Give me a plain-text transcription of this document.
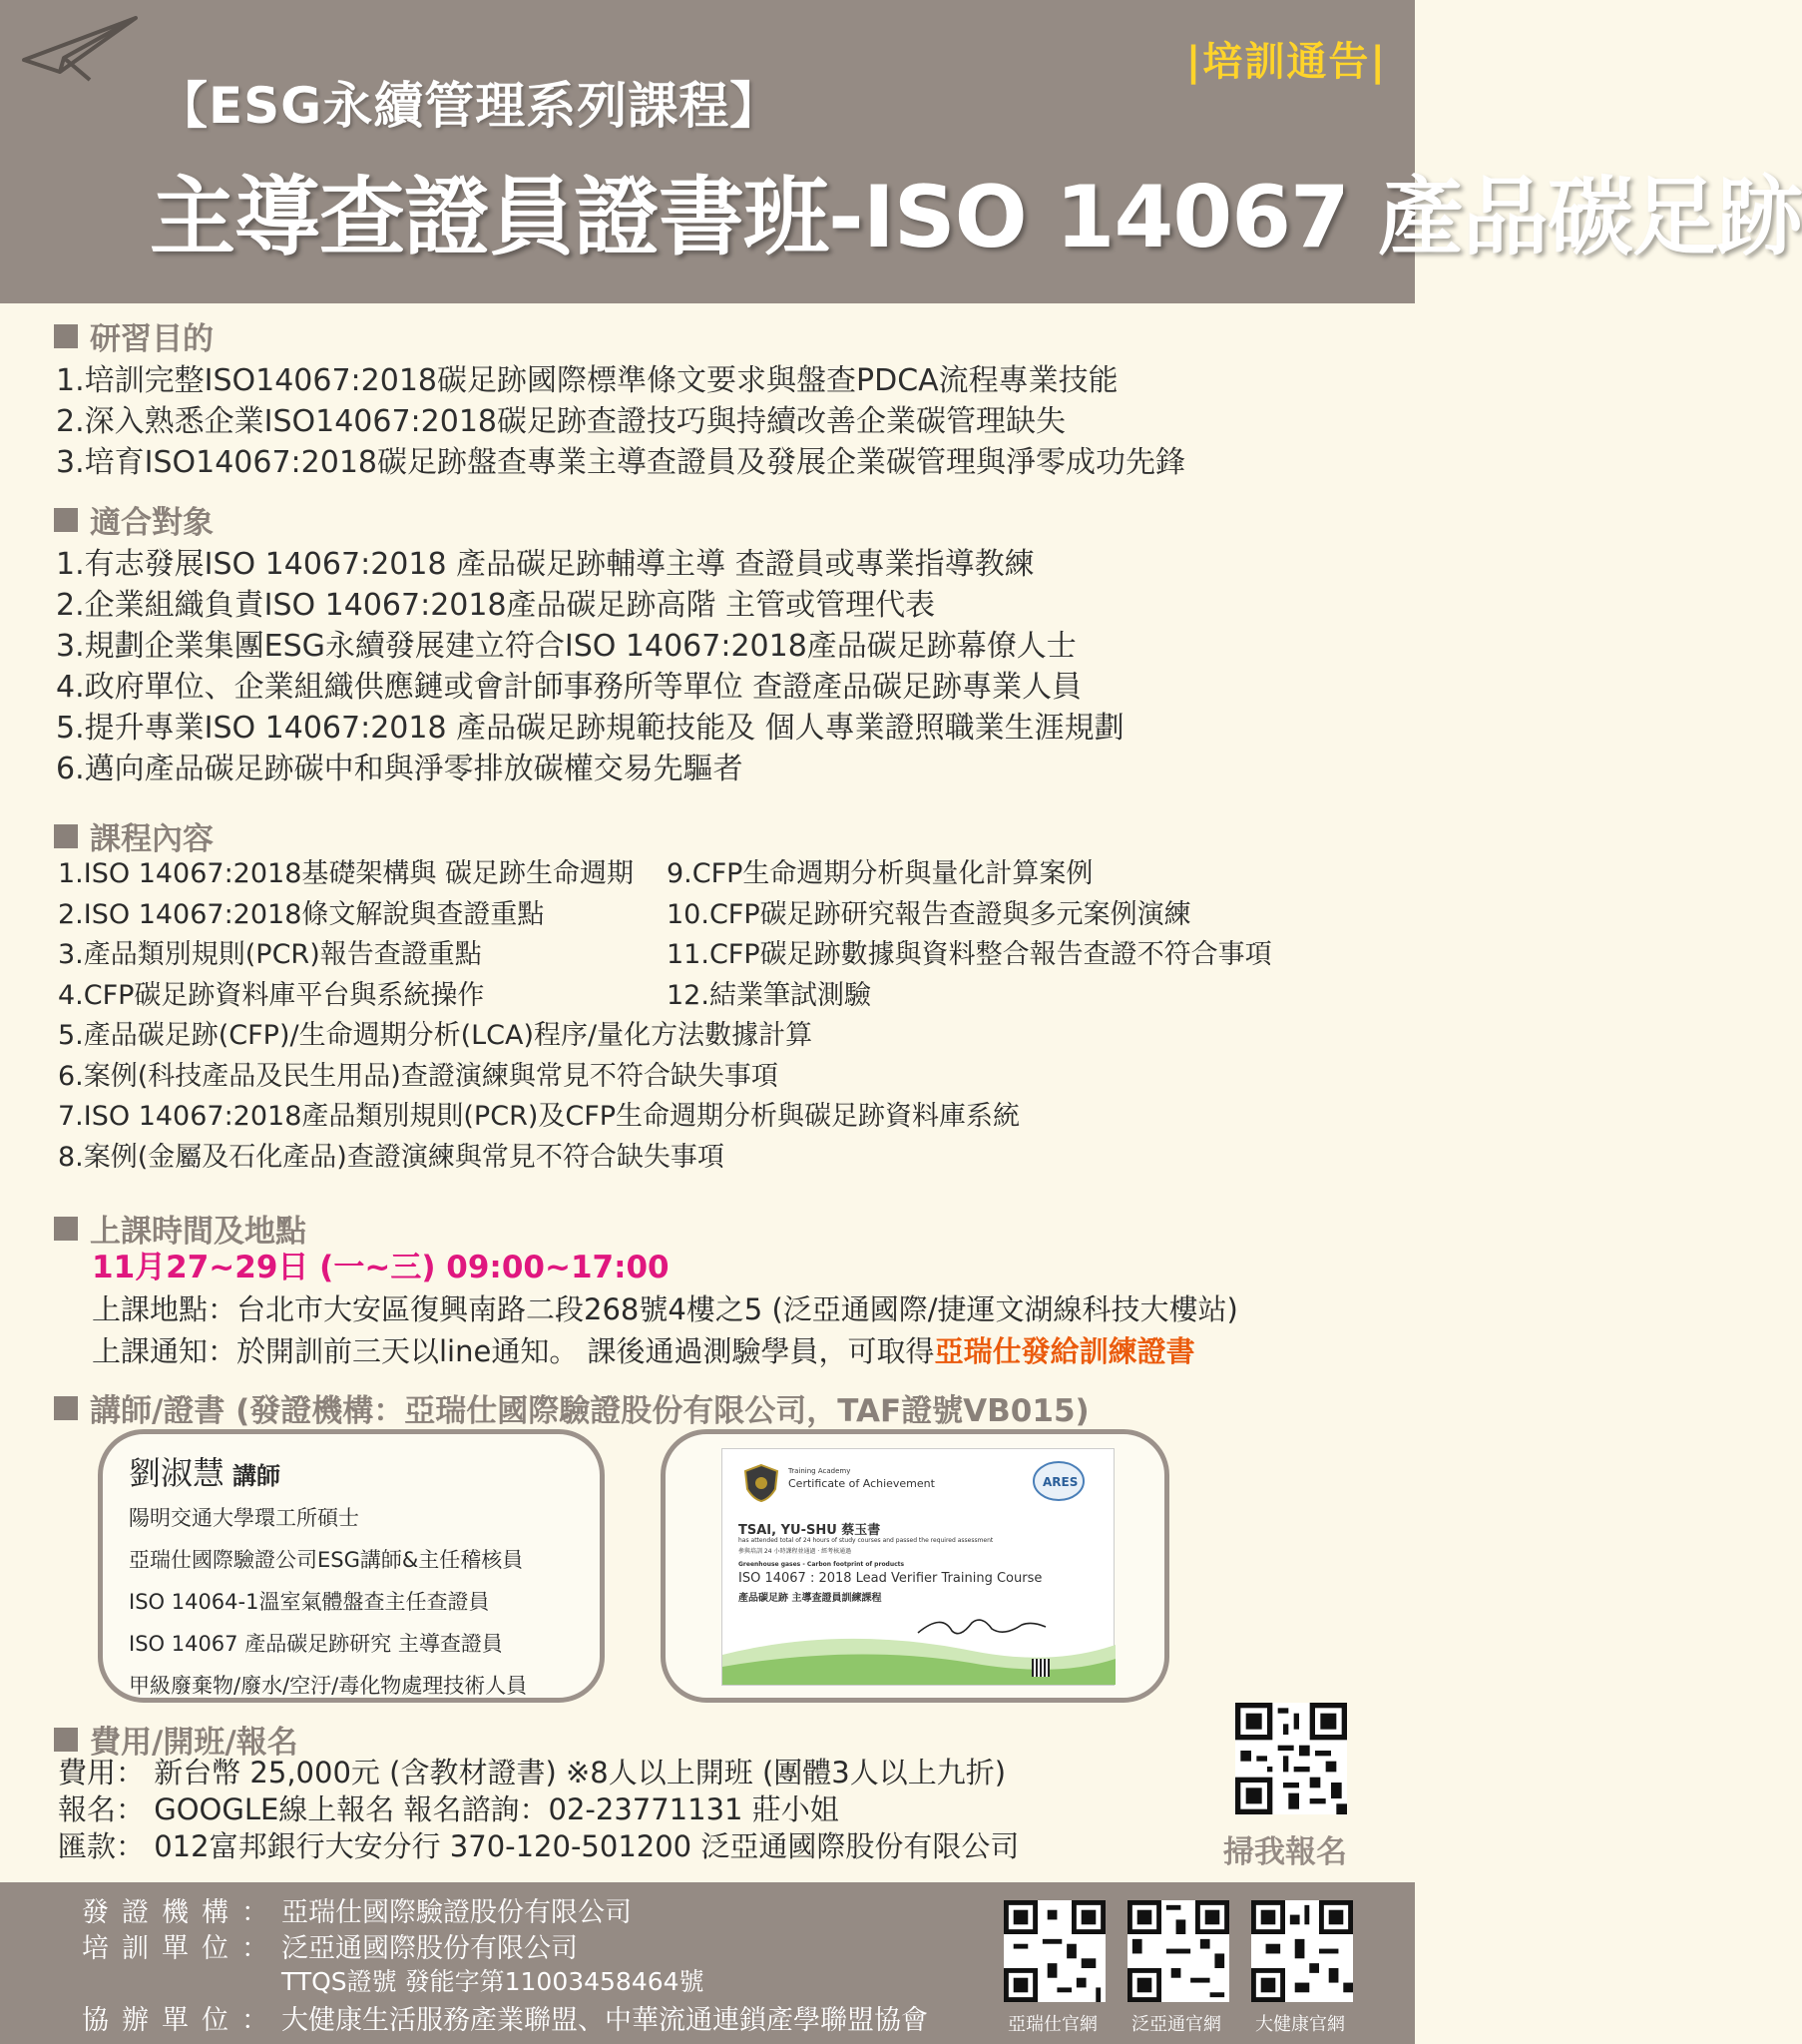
|培訓通告|
【ESG永續管理系列課程】
主導查證員證書班-ISO 14067 產品碳足跡
研習目的
1.培訓完整ISO14067:2018碳足跡國際標準條文要求與盤查PDCA流程專業技能
2.深入熟悉企業ISO14067:2018碳足跡查證技巧與持續改善企業碳管理缺失
3.培育ISO14067:2018碳足跡盤查專業主導查證員及發展企業碳管理與淨零成功先鋒
適合對象
1.有志發展ISO 14067:2018 產品碳足跡輔導主導 查證員或專業指導教練
2.企業組織負責ISO 14067:2018產品碳足跡高階 主管或管理代表
3.規劃企業集團ESG永續發展建立符合ISO 14067:2018產品碳足跡幕僚人士
4.政府單位、企業組織供應鏈或會計師事務所等單位 查證產品碳足跡專業人員
5.提升專業ISO 14067:2018 產品碳足跡規範技能及 個人專業證照職業生涯規劃
6.邁向產品碳足跡碳中和與淨零排放碳權交易先驅者
課程內容
1.ISO 14067:2018基礎架構與 碳足跡生命週期	9.CFP生命週期分析與量化計算案例
2.ISO 14067:2018條文解說與查證重點	10.CFP碳足跡研究報告查證與多元案例演練
3.產品類別規則(PCR)報告查證重點	11.CFP碳足跡數據與資料整合報告查證不符合事項
4.CFP碳足跡資料庫平台與系統操作	12.結業筆試測驗
5.產品碳足跡(CFP)/生命週期分析(LCA)程序/量化方法數據計算
6.案例(科技產品及民生用品)查證演練與常見不符合缺失事項
7.ISO 14067:2018產品類別規則(PCR)及CFP生命週期分析與碳足跡資料庫系統
8.案例(金屬及石化產品)查證演練與常見不符合缺失事項
上課時間及地點
11月27~29日 (一~三) 09:00~17:00
上課地點：台北市大安區復興南路二段268號4樓之5 (泛亞通國際/捷運文湖線科技大樓站)
上課通知：於開訓前三天以line通知。 課後通過測驗學員，可取得亞瑞仕發給訓練證書
講師/證書 (發證機構：亞瑞仕國際驗證股份有限公司，TAF證號VB015)
劉淑慧 講師
陽明交通大學環工所碩士
亞瑞仕國際驗證公司ESG講師&主任稽核員
ISO 14064-1溫室氣體盤查主任查證員
ISO 14067 產品碳足跡研究 主導查證員
甲級廢棄物/廢水/空汙/毒化物處理技術人員
Training Academy
Certificate of Achievement	ARES
TSAI, YU-SHU 蔡玉書
has attended total of 24 hours of study courses and passed the required assessment
參與培訓 24 小時課程並通過 · 經考核通過
Greenhouse gases - Carbon footprint of products
ISO 14067 : 2018 Lead Verifier Training Course
產品碳足跡 主導查證員訓練課程
費用/開班/報名
費用： 新台幣 25,000元 (含教材證書) ※8人以上開班 (團體3人以上九折)
報名： GOOGLE線上報名 報名諮詢：02-23771131 莊小姐
匯款： 012富邦銀行大安分行 370-120-501200 泛亞通國際股份有限公司	掃我報名
發證機構：亞瑞仕國際驗證股份有限公司
培訓單位：泛亞通國際股份有限公司
TTQS證號 發能字第11003458464號
協辦單位：大健康生活服務產業聯盟、中華流通連鎖產學聯盟協會	亞瑞仕官網 泛亞通官網 大健康官網
